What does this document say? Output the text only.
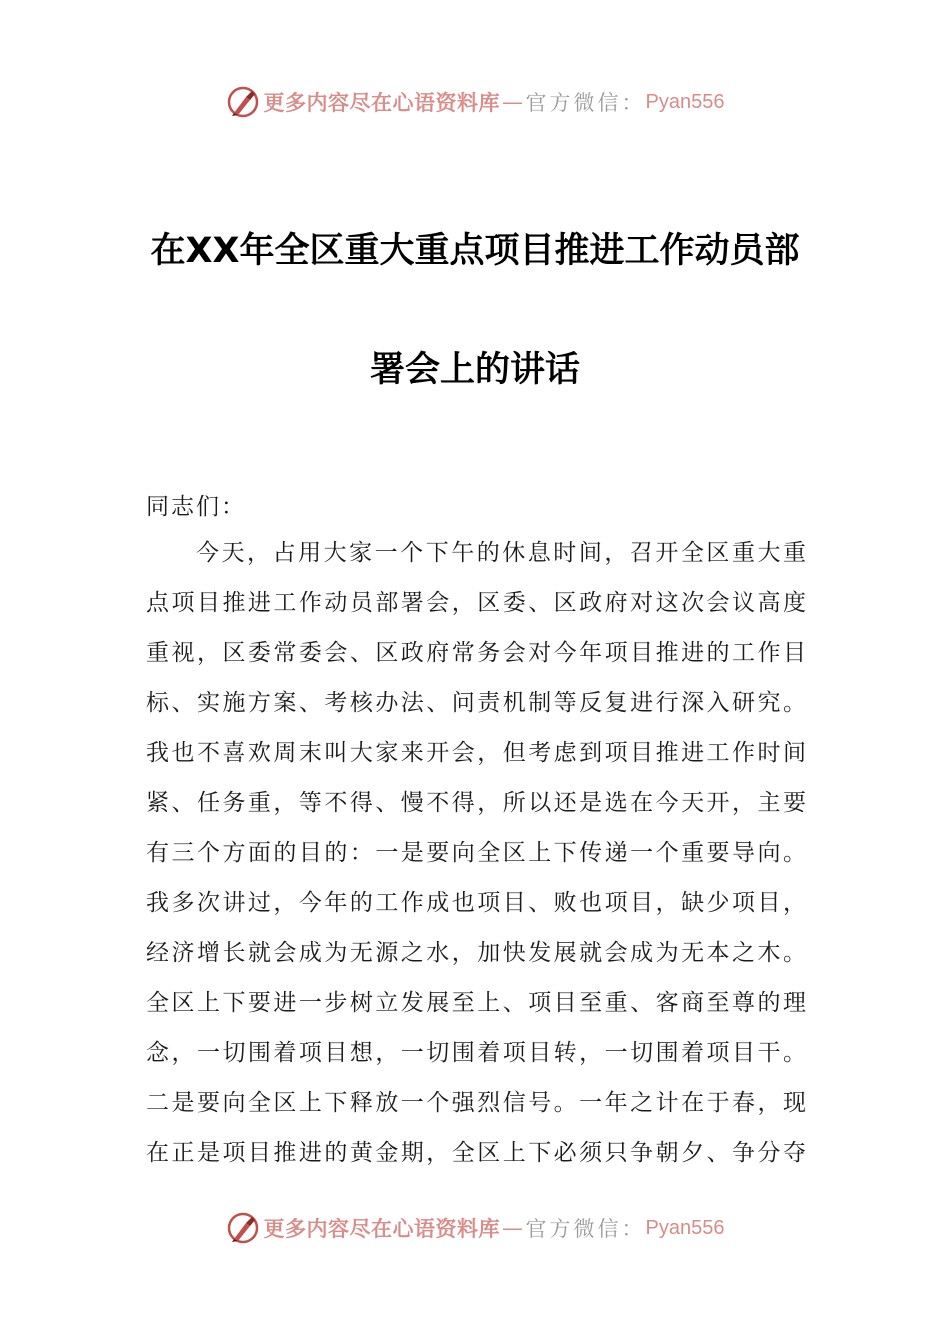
更多内容尽在心语资料库 — 官方微信： Pyan556
在XX年全区重大重点项目推进工作动员部
署会上的讲话
同志们：
今天，占用大家一个下午的休息时间，召开全区重大重
点项目推进工作动员部署会，区委、区政府对这次会议高度
重视，区委常委会、区政府常务会对今年项目推进的工作目
标、实施方案、考核办法、问责机制等反复进行深入研究。
我也不喜欢周末叫大家来开会，但考虑到项目推进工作时间
紧、任务重，等不得、慢不得，所以还是选在今天开，主要
有三个方面的目的：一是要向全区上下传递一个重要导向。
我多次讲过，今年的工作成也项目、败也项目，缺少项目，
经济增长就会成为无源之水，加快发展就会成为无本之木。
全区上下要进一步树立发展至上、项目至重、客商至尊的理
念，一切围着项目想，一切围着项目转，一切围着项目干。
二是要向全区上下释放一个强烈信号。一年之计在于春，现
在正是项目推进的黄金期，全区上下必须只争朝夕、争分夺
更多内容尽在心语资料库 — 官方微信： Pyan556
